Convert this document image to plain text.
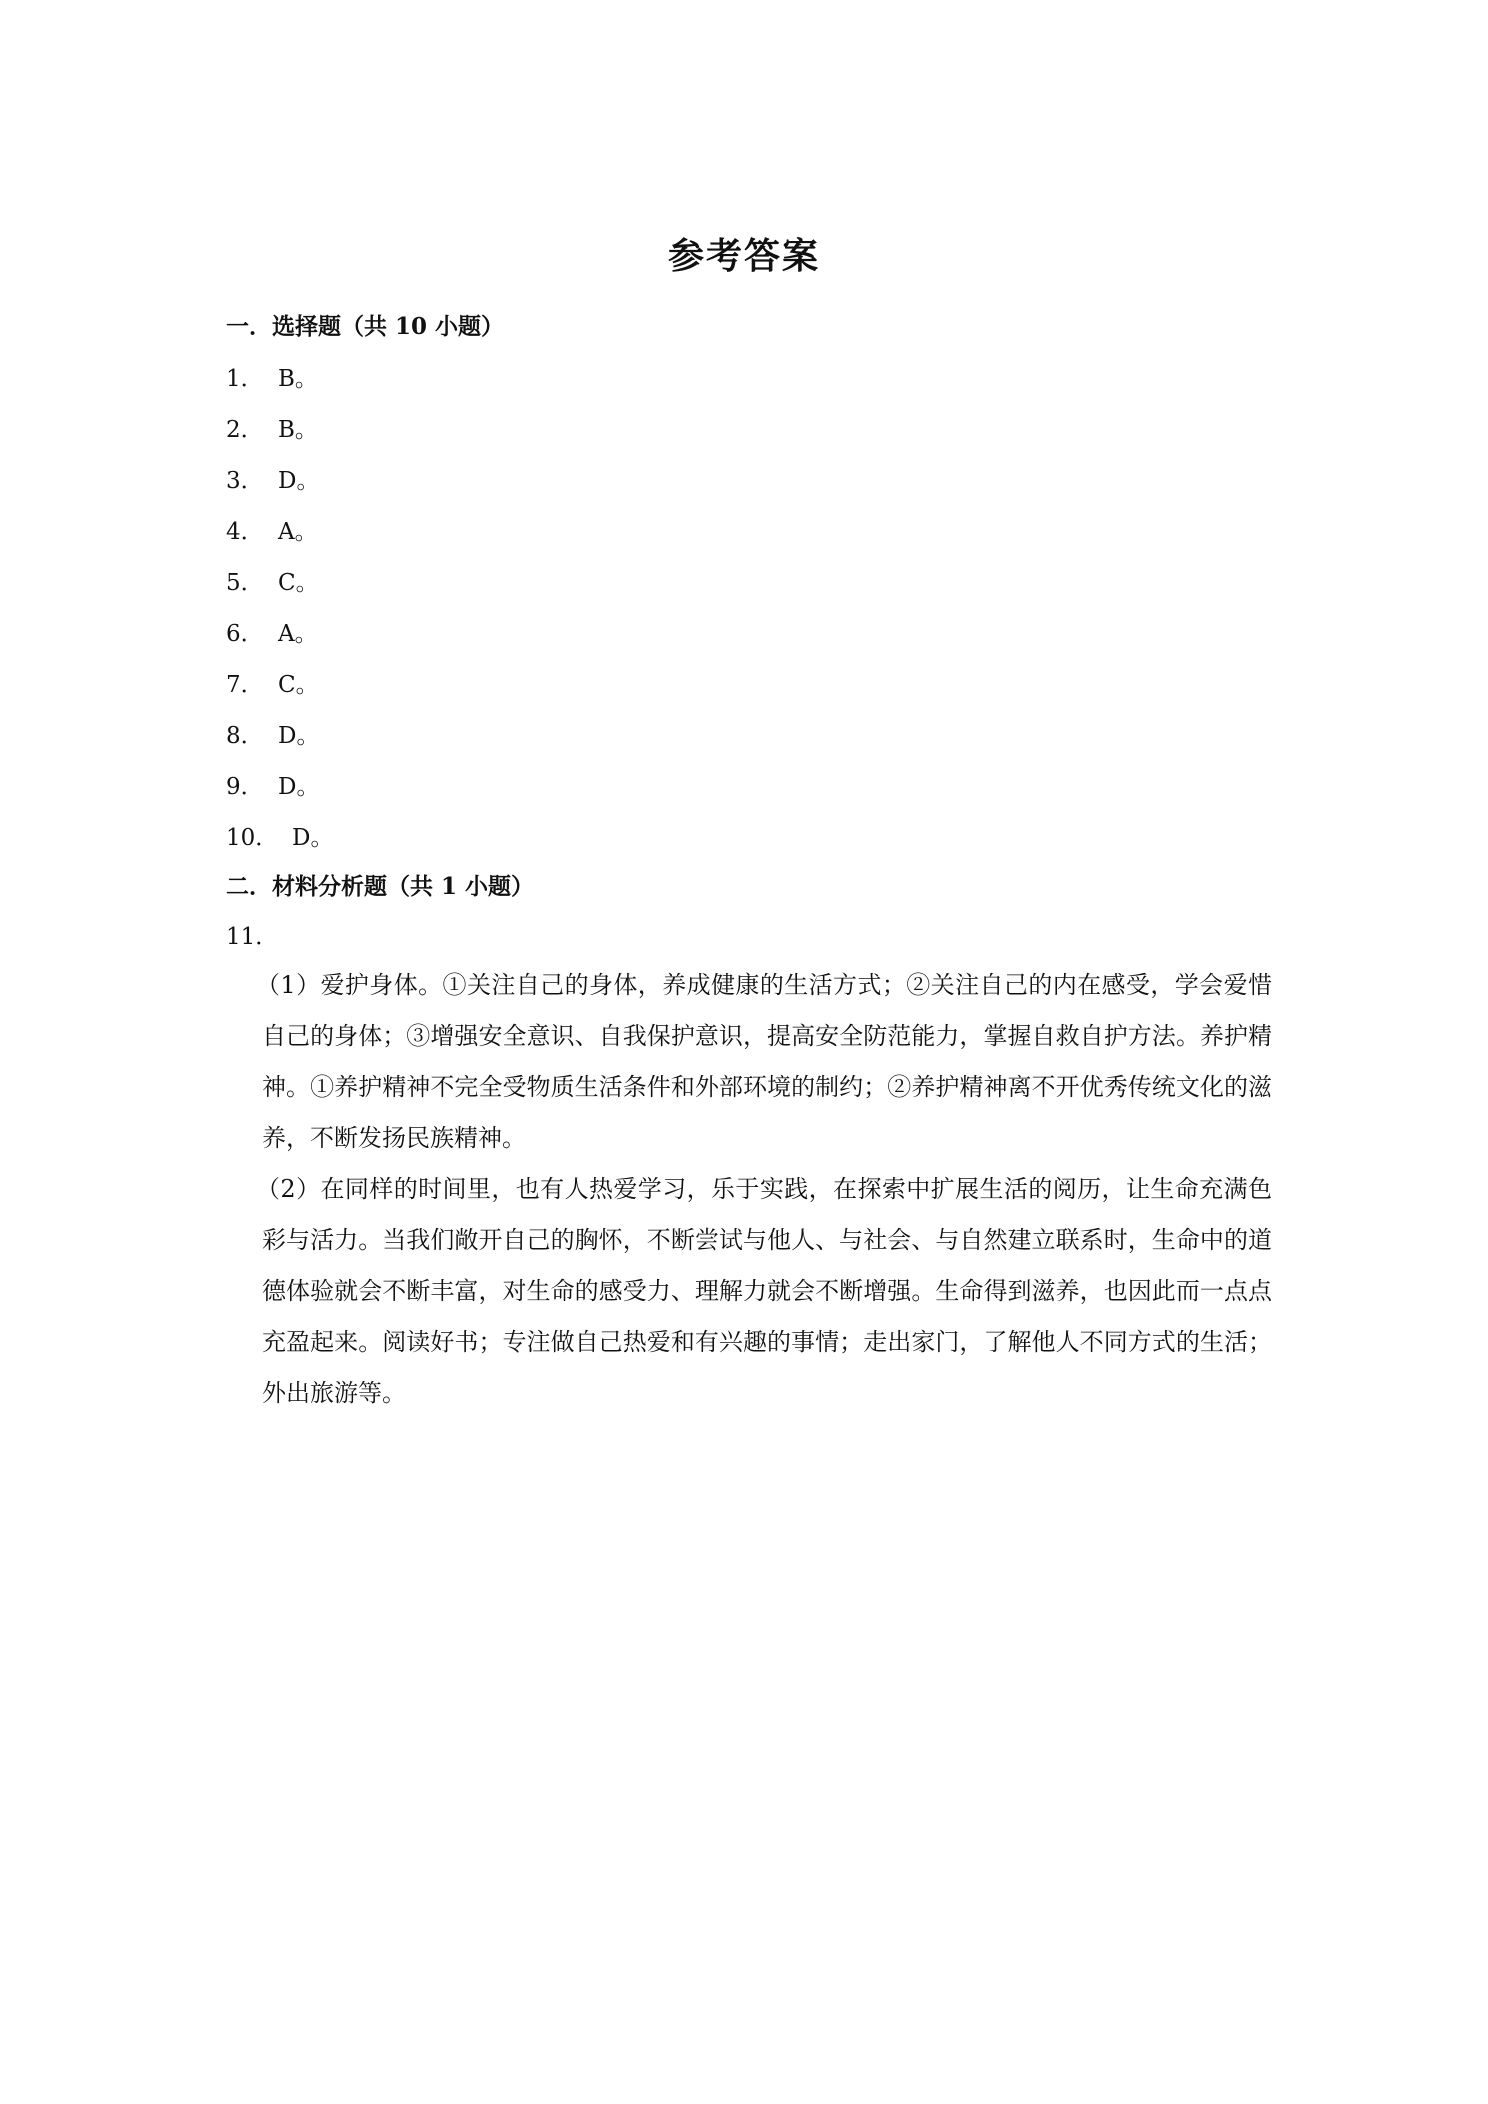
参考答案
一．选择题（共 10 小题）
1． B。
2． B。
3． D。
4． A。
5． C。
6． A。
7． C。
8． D。
9． D。
10． D。
二．材料分析题（共 1 小题）
11．
（1）爱护身体。①关注自己的身体，养成健康的生活方式；②关注自己的内在感受，学会爱惜自己的身体；③增强安全意识、自我保护意识，提高安全防范能力，掌握自救自护方法。养护精神。①养护精神不完全受物质生活条件和外部环境的制约；②养护精神离不开优秀传统文化的滋养，不断发扬民族精神。
（2）在同样的时间里，也有人热爱学习，乐于实践，在探索中扩展生活的阅历，让生命充满色彩与活力。当我们敞开自己的胸怀，不断尝试与他人、与社会、与自然建立联系时，生命中的道德体验就会不断丰富，对生命的感受力、理解力就会不断增强。生命得到滋养，也因此而一点点充盈起来。阅读好书；专注做自己热爱和有兴趣的事情；走出家门，了解他人不同方式的生活；外出旅游等。
